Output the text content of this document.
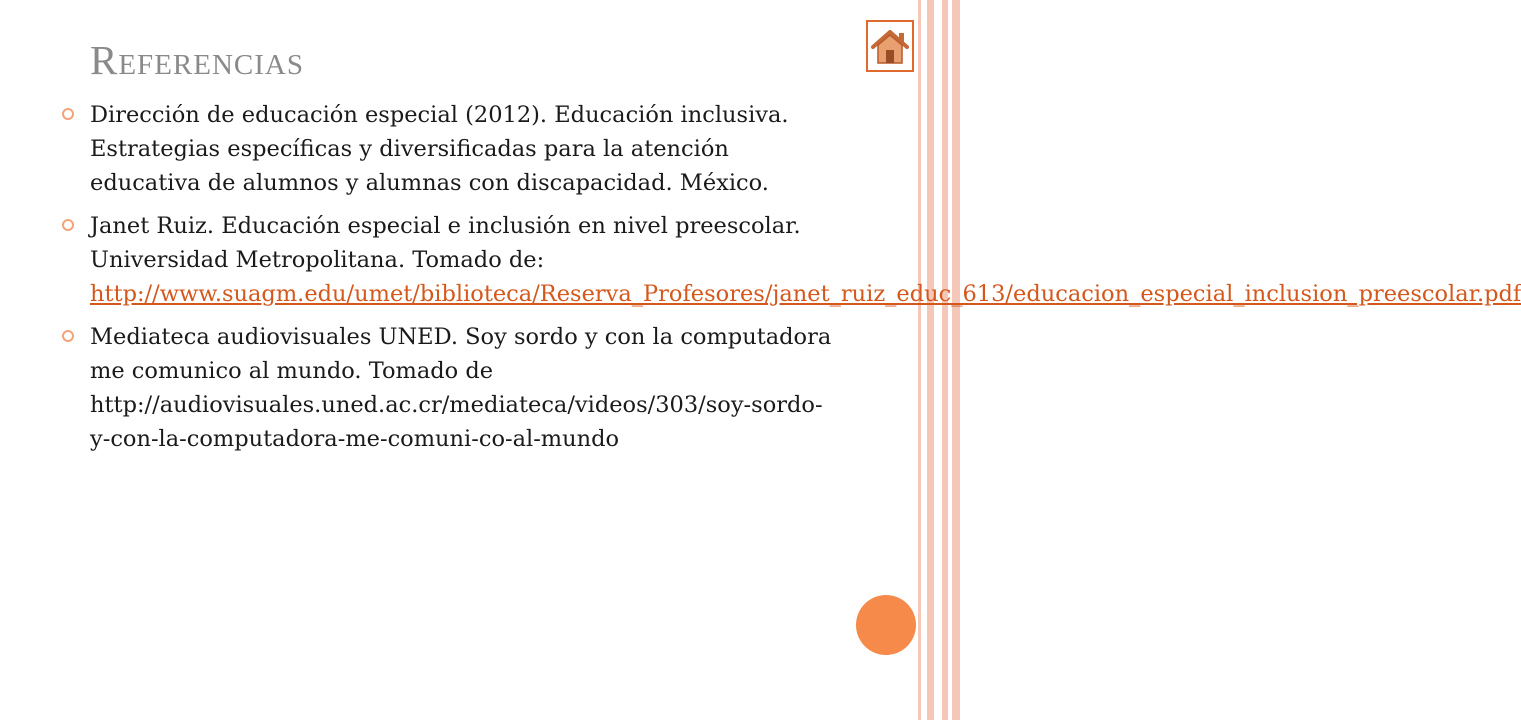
Referencias
Dirección de educación especial (2012). Educación inclusiva. Estrategias específicas y diversificadas para la atención educativa de alumnos y alumnas con discapacidad. México.
Janet Ruiz. Educación especial e inclusión en nivel preescolar. Universidad Metropolitana. Tomado de: http://www.suagm.edu/umet/biblioteca/Reserva_Profesores/janet_ruiz_educ_613/educacion_especial_inclusion_preescolar.pdf
Mediateca audiovisuales UNED. Soy sordo y con la computadora me comunico al mundo. Tomado de http://audiovisuales.uned.ac.cr/mediateca/videos/303/soy-sordo-y-con-la-computadora-me-comuni-co-al-mundo
